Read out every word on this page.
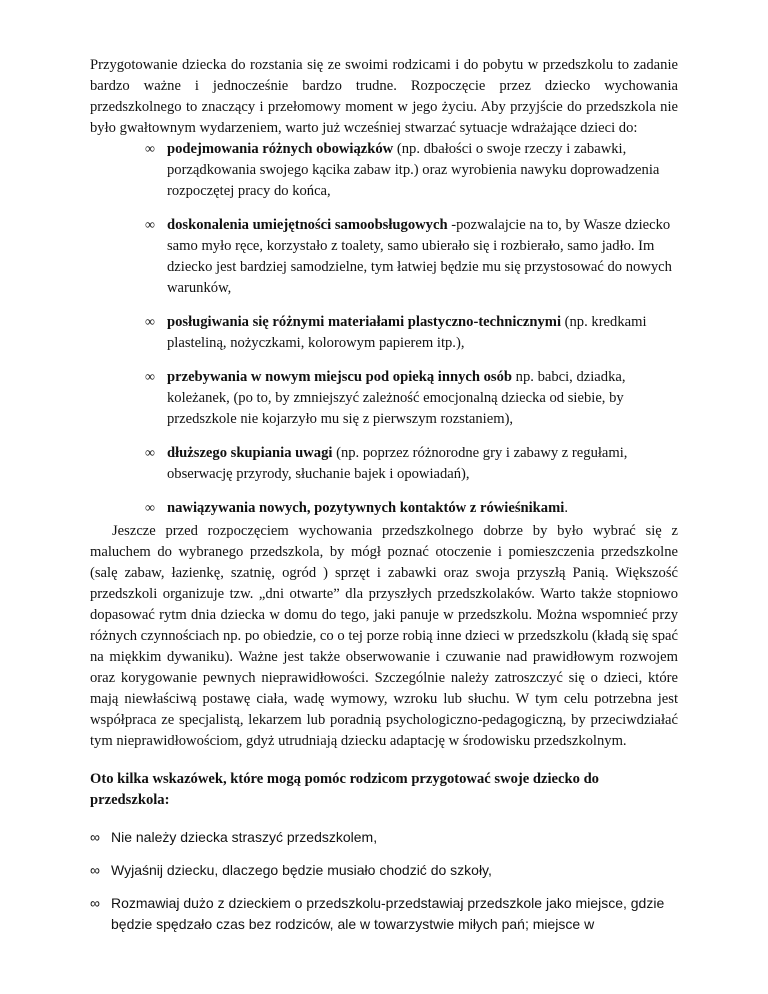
Przygotowanie dziecka do rozstania się ze swoimi rodzicami i do pobytu w przedszkolu to zadanie bardzo ważne i jednocześnie bardzo trudne. Rozpoczęcie przez dziecko wychowania przedszkolnego to znaczący i przełomowy moment w jego życiu. Aby przyjście do przedszkola nie było gwałtownym wydarzeniem, warto już wcześniej stwarzać sytuacje wdrażające dzieci do:

∞ podejmowania różnych obowiązków (np. dbałości o swoje rzeczy i zabawki, porządkowania swojego kącika zabaw itp.) oraz wyrobienia nawyku doprowadzenia rozpoczętej pracy do końca,
∞ doskonalenia umiejętności samoobsługowych -pozwalajcie na to, by Wasze dziecko samo myło ręce, korzystało z toalety, samo ubierało się i rozbierało, samo jadło. Im dziecko jest bardziej samodzielne, tym łatwiej będzie mu się przystosować do nowych warunków,
∞ posługiwania się różnymi materiałami plastyczno-technicznymi (np. kredkami plasteliną, nożyczkami, kolorowym papierem itp.),
∞ przebywania w nowym miejscu pod opieką innych osób np. babci, dziadka, koleżanek, (po to, by zmniejszyć zależność emocjonalną dziecka od siebie, by przedszkole nie kojarzyło mu się z pierwszym rozstaniem),
∞ dłuższego skupiania uwagi (np. poprzez różnorodne gry i zabawy z regułami, obserwację przyrody, słuchanie bajek i opowiadań),
∞ nawiązywania nowych, pozytywnych kontaktów z rówieśnikami.

Jeszcze przed rozpoczęciem wychowania przedszkolnego dobrze by było wybrać się z maluchem do wybranego przedszkola, by mógł poznać otoczenie i pomieszczenia przedszkolne (salę zabaw, łazienkę, szatnię, ogród ) sprzęt i zabawki oraz swoja przyszłą Panią. Większość przedszkoli organizuje tzw. „dni otwarte” dla przyszłych przedszkolaków. Warto także stopniowo dopasować rytm dnia dziecka w domu do tego, jaki panuje w przedszkolu. Można wspomnieć przy różnych czynnościach np. po obiedzie, co o tej porze robią inne dzieci w przedszkolu (kładą się spać na miękkim dywaniku). Ważne jest także obserwowanie i czuwanie nad prawidłowym rozwojem oraz korygowanie pewnych nieprawidłowości. Szczególnie należy zatroszczyć się o dzieci, które mają niewłaściwą postawę ciała, wadę wymowy, wzroku lub słuchu. W tym celu potrzebna jest współpraca ze specjalistą, lekarzem lub poradnią psychologiczno-pedagogiczną, by przeciwdziałać tym nieprawidłowościom, gdyż utrudniają dziecku adaptację w środowisku przedszkolnym.

Oto kilka wskazówek, które mogą pomóc rodzicom przygotować swoje dziecko do przedszkola:

∞ Nie należy dziecka straszyć przedszkolem,
∞ Wyjaśnij dziecku, dlaczego będzie musiało chodzić do szkoły,
∞ Rozmawiaj dużo z dzieckiem o przedszkolu-przedstawiaj przedszkole jako miejsce, gdzie będzie spędzało czas bez rodziców, ale w towarzystwie miłych pań; miejsce w
